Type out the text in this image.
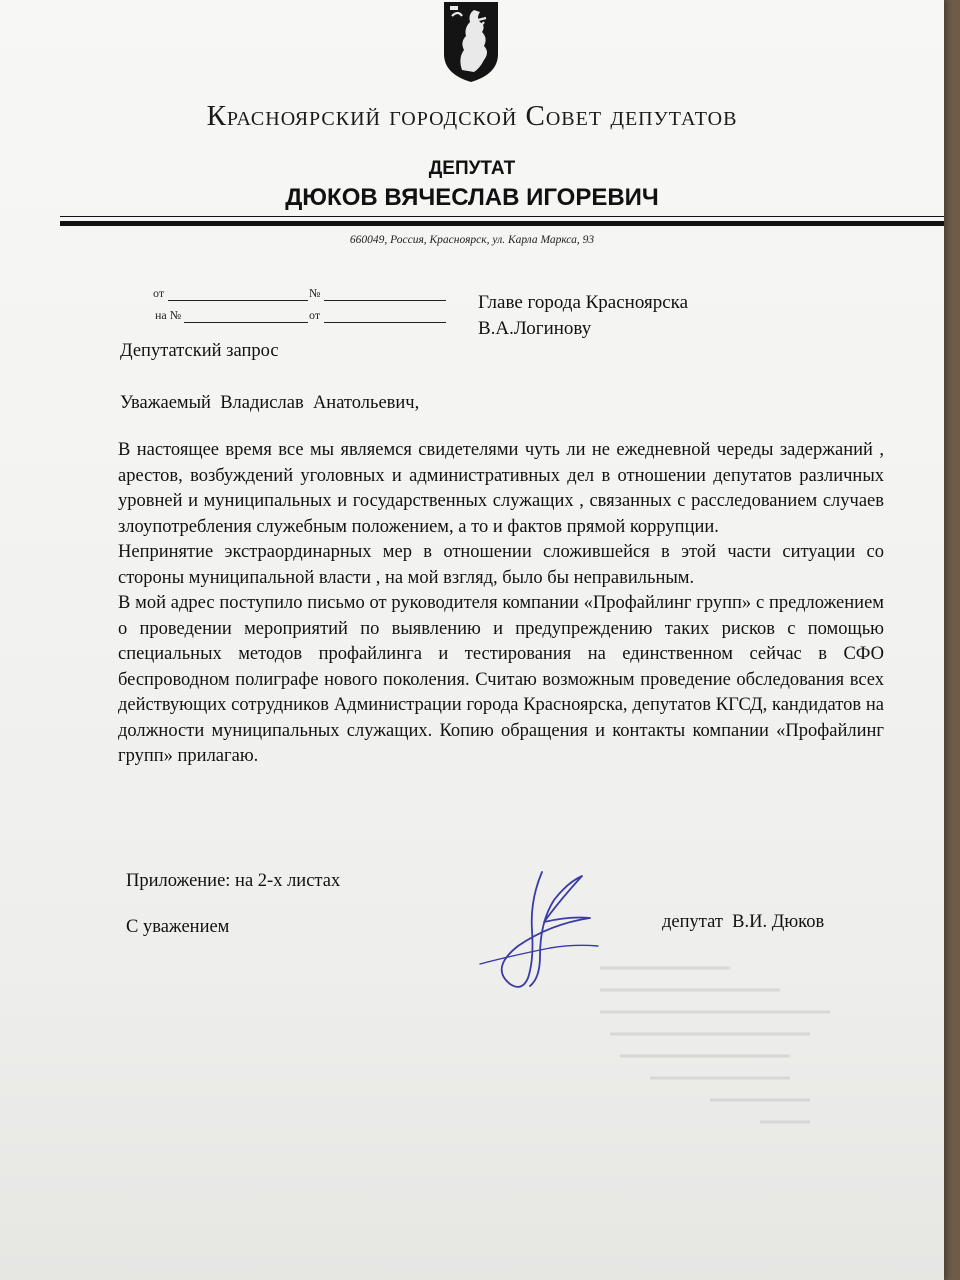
Красноярский городской Совет депутатов
ДЕПУТАТ
ДЮКОВ ВЯЧЕСЛАВ ИГОРЕВИЧ
660049, Россия, Красноярск, ул. Карла Маркса, 93
от	№
на №	от
Главе города Красноярска
В.А.Логинову
Депутатский запрос
Уважаемый  Владислав  Анатольевич,

В настоящее время все мы являемся свидетелями чуть ли не ежедневной череды задержаний , арестов, возбуждений уголовных и административных дел в отношении депутатов различных уровней и муниципальных и государственных служащих , связанных с расследованием случаев злоупотребления служебным положением, а то и фактов прямой коррупции.

Непринятие экстраординарных мер в отношении сложившейся в этой части ситуации со стороны муниципальной власти , на мой взгляд, было бы неправильным.

В мой адрес поступило письмо от руководителя компании «Профайлинг групп» с предложением о проведении мероприятий по выявлению и предупреждению таких рисков с помощью специальных методов профайлинга и тестирования на единственном сейчас в СФО беспроводном полиграфе нового поколения. Считаю возможным проведение обследования всех действующих сотрудников Администрации города Красноярска, депутатов КГСД, кандидатов на должности муниципальных служащих. Копию обращения и контакты компании «Профайлинг групп» прилагаю.

Приложение: на 2-х листах
С уважением	депутат  В.И. Дюков
